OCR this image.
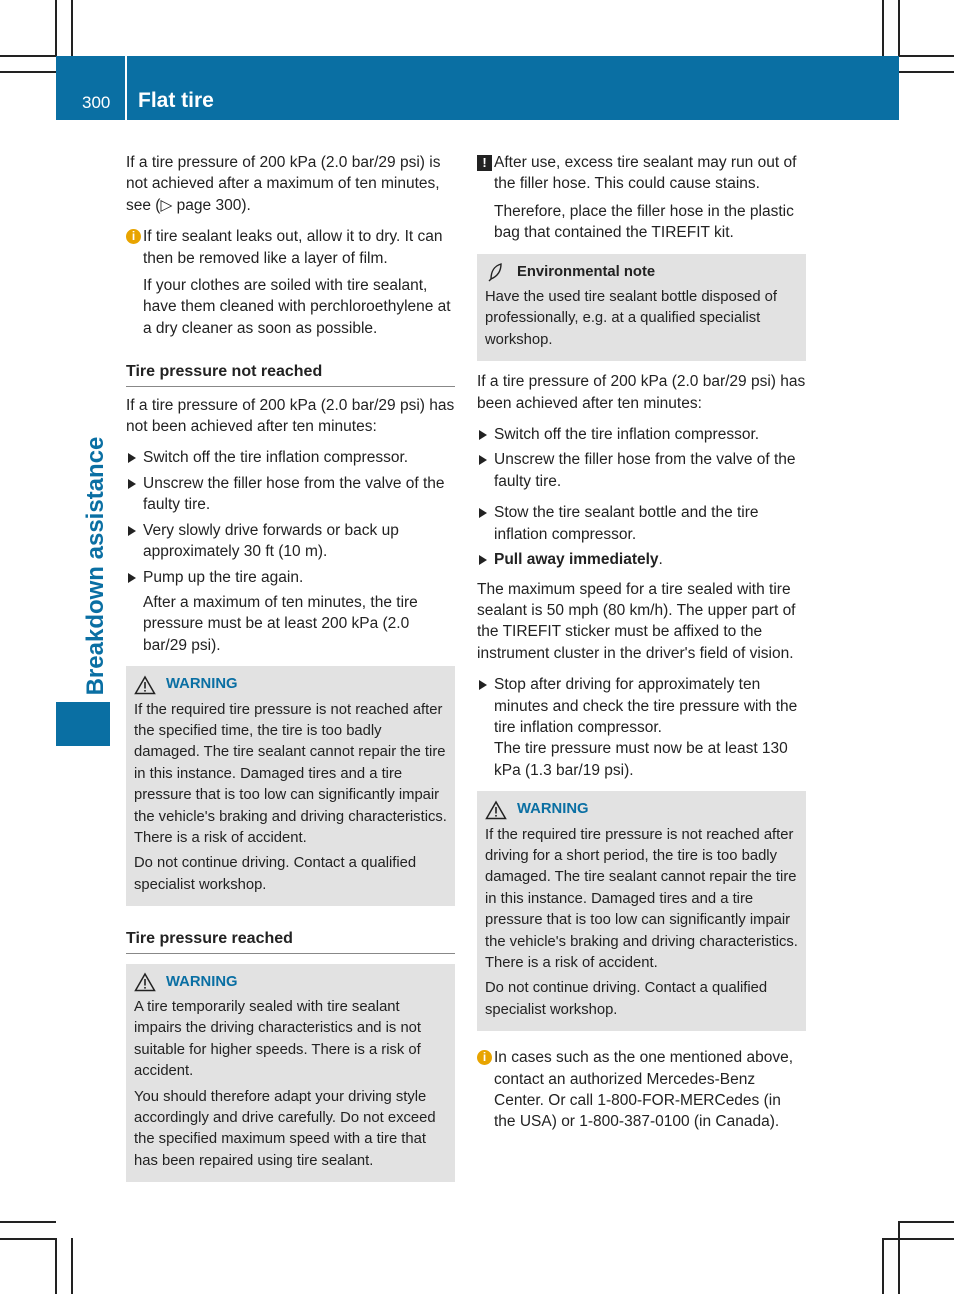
300 Flat tire
Breakdown assistance

If a tire pressure of 200 kPa (2.0 bar/29 psi) is not achieved after a maximum of ten minutes, see (▷ page 300).

i If tire sealant leaks out, allow it to dry. It can then be removed like a layer of film.

If your clothes are soiled with tire sealant, have them cleaned with perchloroethylene at a dry cleaner as soon as possible.

Tire pressure not reached

If a tire pressure of 200 kPa (2.0 bar/29 psi) has not been achieved after ten minutes:

Switch off the tire inflation compressor.
Unscrew the filler hose from the valve of the faulty tire.
Very slowly drive forwards or back up approximately 30 ft (10 m).
Pump up the tire again.

After a maximum of ten minutes, the tire pressure must be at least 200 kPa (2.0 bar/29 psi).

WARNING

If the required tire pressure is not reached after the specified time, the tire is too badly damaged. The tire sealant cannot repair the tire in this instance. Damaged tires and a tire pressure that is too low can significantly impair the vehicle's braking and driving characteristics. There is a risk of accident.

Do not continue driving. Contact a qualified specialist workshop.

Tire pressure reached
WARNING

A tire temporarily sealed with tire sealant impairs the driving characteristics and is not suitable for higher speeds. There is a risk of accident.

You should therefore adapt your driving style accordingly and drive carefully. Do not exceed the specified maximum speed with a tire that has been repaired using tire sealant.

! After use, excess tire sealant may run out of the filler hose. This could cause stains.

Therefore, place the filler hose in the plastic bag that contained the TIREFIT kit.

Environmental note

Have the used tire sealant bottle disposed of professionally, e.g. at a qualified specialist workshop.

If a tire pressure of 200 kPa (2.0 bar/29 psi) has been achieved after ten minutes:

Switch off the tire inflation compressor.
Unscrew the filler hose from the valve of the faulty tire.
Stow the tire sealant bottle and the tire inflation compressor.
Pull away immediately.

The maximum speed for a tire sealed with tire sealant is 50 mph (80 km/h). The upper part of the TIREFIT sticker must be affixed to the instrument cluster in the driver's field of vision.

Stop after driving for approximately ten minutes and check the tire pressure with the tire inflation compressor.

The tire pressure must now be at least 130 kPa (1.3 bar/19 psi).

WARNING

If the required tire pressure is not reached after driving for a short period, the tire is too badly damaged. The tire sealant cannot repair the tire in this instance. Damaged tires and a tire pressure that is too low can significantly impair the vehicle's braking and driving characteristics. There is a risk of accident.

Do not continue driving. Contact a qualified specialist workshop.

i In cases such as the one mentioned above, contact an authorized Mercedes-Benz Center. Or call 1-800-FOR-MERCedes (in the USA) or 1-800-387-0100 (in Canada).
